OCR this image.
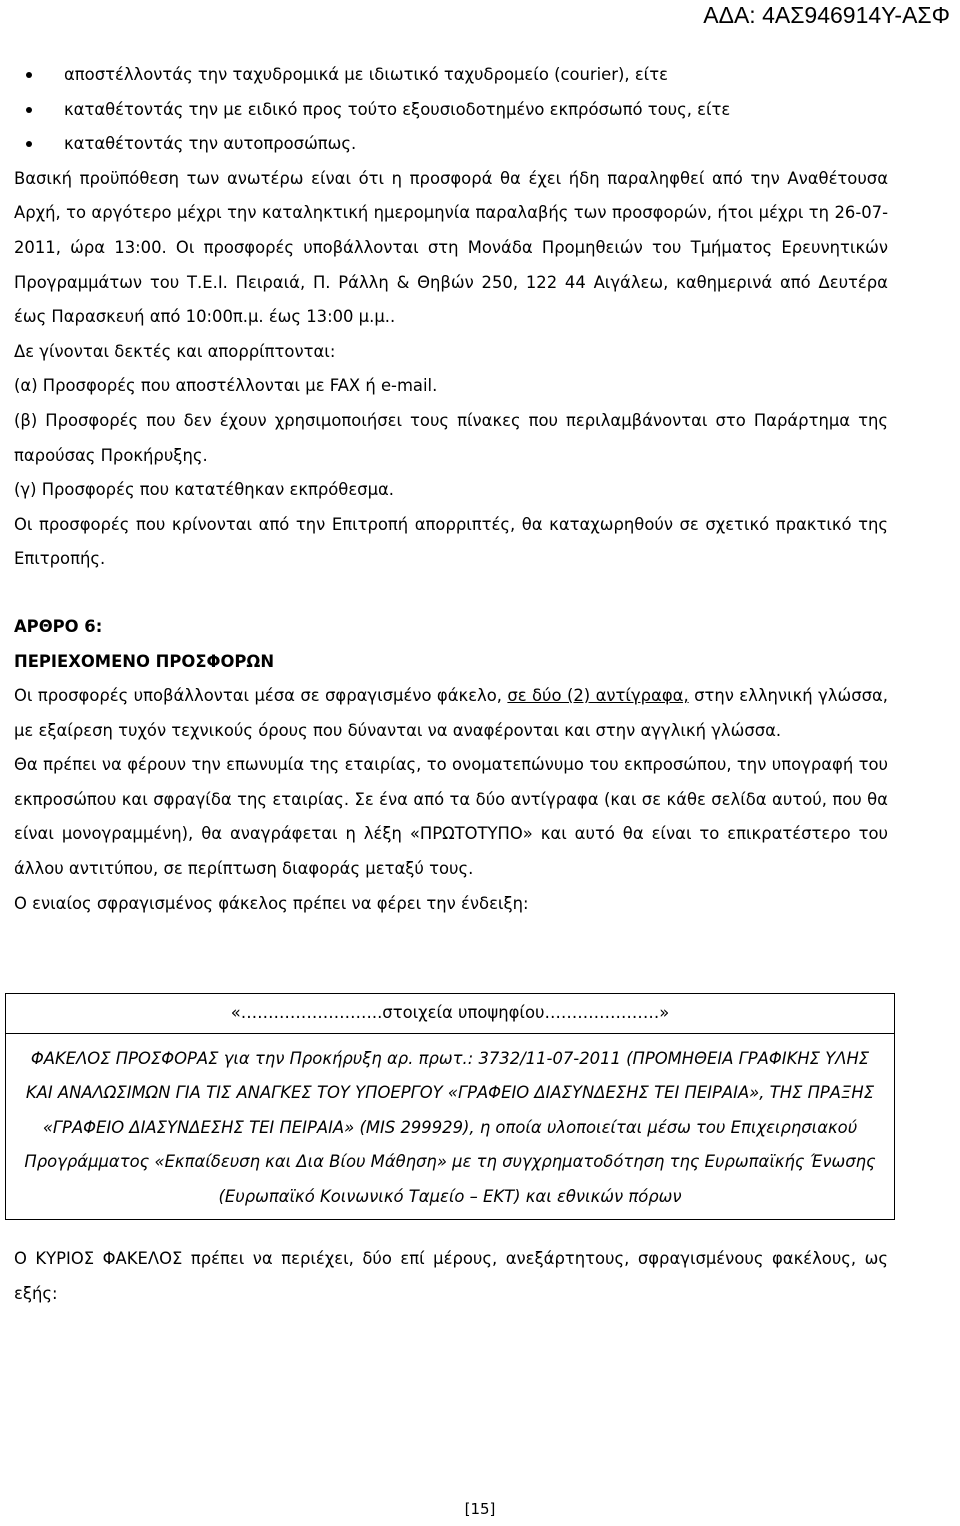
ΑΔΑ: 4ΑΣ946914Υ-ΑΣΦ
αποστέλλοντάς την ταχυδρομικά με ιδιωτικό ταχυδρομείο (courier), είτε
καταθέτοντάς την με ειδικό προς τούτο εξουσιοδοτημένο εκπρόσωπό τους, είτε
καταθέτοντάς την αυτοπροσώπως.

Βασική προϋπόθεση των ανωτέρω είναι ότι η προσφορά θα έχει ήδη παραληφθεί από την Αναθέτουσα Αρχή, το αργότερο μέχρι την καταληκτική ημερομηνία παραλαβής των προσφορών, ήτοι μέχρι τη 26-07-2011, ώρα 13:00. Οι προσφορές υποβάλλονται στη Μονάδα Προμηθειών του Τμήματος Ερευνητικών Προγραμμάτων του Τ.Ε.Ι. Πειραιά, Π. Ράλλη & Θηβών 250, 122 44 Αιγάλεω, καθημερινά από Δευτέρα έως Παρασκευή από 10:00π.μ. έως 13:00 μ.μ..

Δε γίνονται δεκτές και απορρίπτονται:

(α) Προσφορές που αποστέλλονται με FAX ή e-mail.

(β) Προσφορές που δεν έχουν χρησιμοποιήσει τους πίνακες που περιλαμβάνονται στο Παράρτημα της παρούσας Προκήρυξης.

(γ) Προσφορές που κατατέθηκαν εκπρόθεσμα.

Οι προσφορές που κρίνονται από την Επιτροπή απορριπτές, θα καταχωρηθούν σε σχετικό πρακτικό της Επιτροπής.

ΑΡΘΡΟ 6:

ΠΕΡΙΕΧΟΜΕΝΟ ΠΡΟΣΦΟΡΩΝ

Οι προσφορές υποβάλλονται μέσα σε σφραγισμένο φάκελο, σε δύο (2) αντίγραφα, στην ελληνική γλώσσα, με εξαίρεση τυχόν τεχνικούς όρους που δύνανται να αναφέρονται και στην αγγλική γλώσσα.

Θα πρέπει να φέρουν την επωνυμία της εταιρίας, το ονοματεπώνυμο του εκπροσώπου, την υπογραφή του εκπροσώπου και σφραγίδα της εταιρίας. Σε ένα από τα δύο αντίγραφα (και σε κάθε σελίδα αυτού, που θα είναι μονογραμμένη), θα αναγράφεται η λέξη «ΠΡΩΤΟΤΥΠΟ» και αυτό θα είναι το επικρατέστερο του άλλου αντιτύπου, σε περίπτωση διαφοράς μεταξύ τους.

Ο ενιαίος σφραγισμένος φάκελος πρέπει να φέρει την ένδειξη:

«……………………..στοιχεία υποψηφίου…………………»
ΦΑΚΕΛΟΣ ΠΡΟΣΦΟΡΑΣ για την Προκήρυξη αρ. πρωτ.: 3732/11-07-2011 (ΠΡΟΜΗΘΕΙΑ ΓΡΑΦΙΚΗΣ ΥΛΗΣ ΚΑΙ ΑΝΑΛΩΣΙΜΩΝ ΓΙΑ ΤΙΣ ΑΝΑΓΚΕΣ ΤΟΥ ΥΠΟΕΡΓΟΥ «ΓΡΑΦΕΙΟ ΔΙΑΣΥΝΔΕΣΗΣ ΤΕΙ ΠΕΙΡΑΙΑ», ΤΗΣ ΠΡΑΞΗΣ «ΓΡΑΦΕΙΟ ΔΙΑΣΥΝΔΕΣΗΣ ΤΕΙ ΠΕΙΡΑΙΑ» (MIS 299929), η οποία υλοποιείται μέσω του Επιχειρησιακού Προγράμματος «Εκπαίδευση και Δια Βίου Μάθηση» με τη συγχρηματοδότηση της Ευρωπαϊκής Ένωσης (Ευρωπαϊκό Κοινωνικό Ταμείο – ΕΚΤ) και εθνικών πόρων

Ο ΚΥΡΙΟΣ ΦΑΚΕΛΟΣ πρέπει να περιέχει, δύο επί μέρους, ανεξάρτητους, σφραγισμένους φακέλους, ως εξής:

[15]
